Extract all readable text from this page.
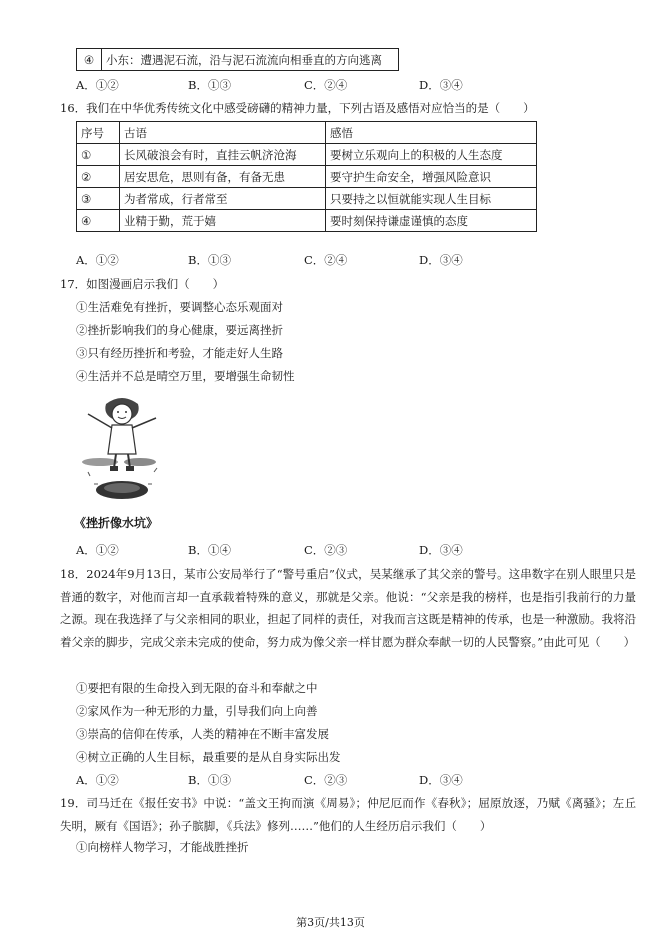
④	小东：遭遇泥石流，沿与泥石流流向相垂直的方向逃离
A．①②	B．①③	C．②④	D．③④
16．我们在中华优秀传统文化中感受磅礴的精神力量，下列古语及感悟对应恰当的是（　　）
序号	古语	感悟
①	长风破浪会有时，直挂云帆济沧海	要树立乐观向上的积极的人生态度
②	居安思危，思则有备，有备无患	要守护生命安全，增强风险意识
③	为者常成，行者常至	只要持之以恒就能实现人生目标
④	业精于勤，荒于嬉	要时刻保持谦虚谨慎的态度
A．①②	B．①③	C．②④	D．③④
17．如图漫画启示我们（　　）
①生活难免有挫折，要调整心态乐观面对
②挫折影响我们的身心健康，要远离挫折
③只有经历挫折和考验，才能走好人生路
④生活并不总是晴空万里，要增强生命韧性
《挫折像水坑》
A．①②	B．①④	C．②③	D．③④
18．2024年9月13日，某市公安局举行了“警号重启”仪式，吴某继承了其父亲的警号。这串数字在别人眼里只是普通的数字，对他而言却一直承载着特殊的意义，那就是父亲。他说：“父亲是我的榜样，也是指引我前行的力量之源。现在我选择了与父亲相同的职业，担起了同样的责任，对我而言这既是精神的传承，也是一种激励。我将沿着父亲的脚步，完成父亲未完成的使命，努力成为像父亲一样甘愿为群众奉献一切的人民警察。”由此可见（　　）
①要把有限的生命投入到无限的奋斗和奉献之中
②家风作为一种无形的力量，引导我们向上向善
③崇高的信仰在传承，人类的精神在不断丰富发展
④树立正确的人生目标，最重要的是从自身实际出发
A．①②	B．①③	C．②③	D．③④
19．司马迁在《报任安书》中说：“盖文王拘而演《周易》；仲尼厄而作《春秋》；屈原放逐，乃赋《离骚》；左丘失明，厥有《国语》；孙子膑脚，《兵法》修列……”他们的人生经历启示我们（　　）
①向榜样人物学习，才能战胜挫折
第3页/共13页
